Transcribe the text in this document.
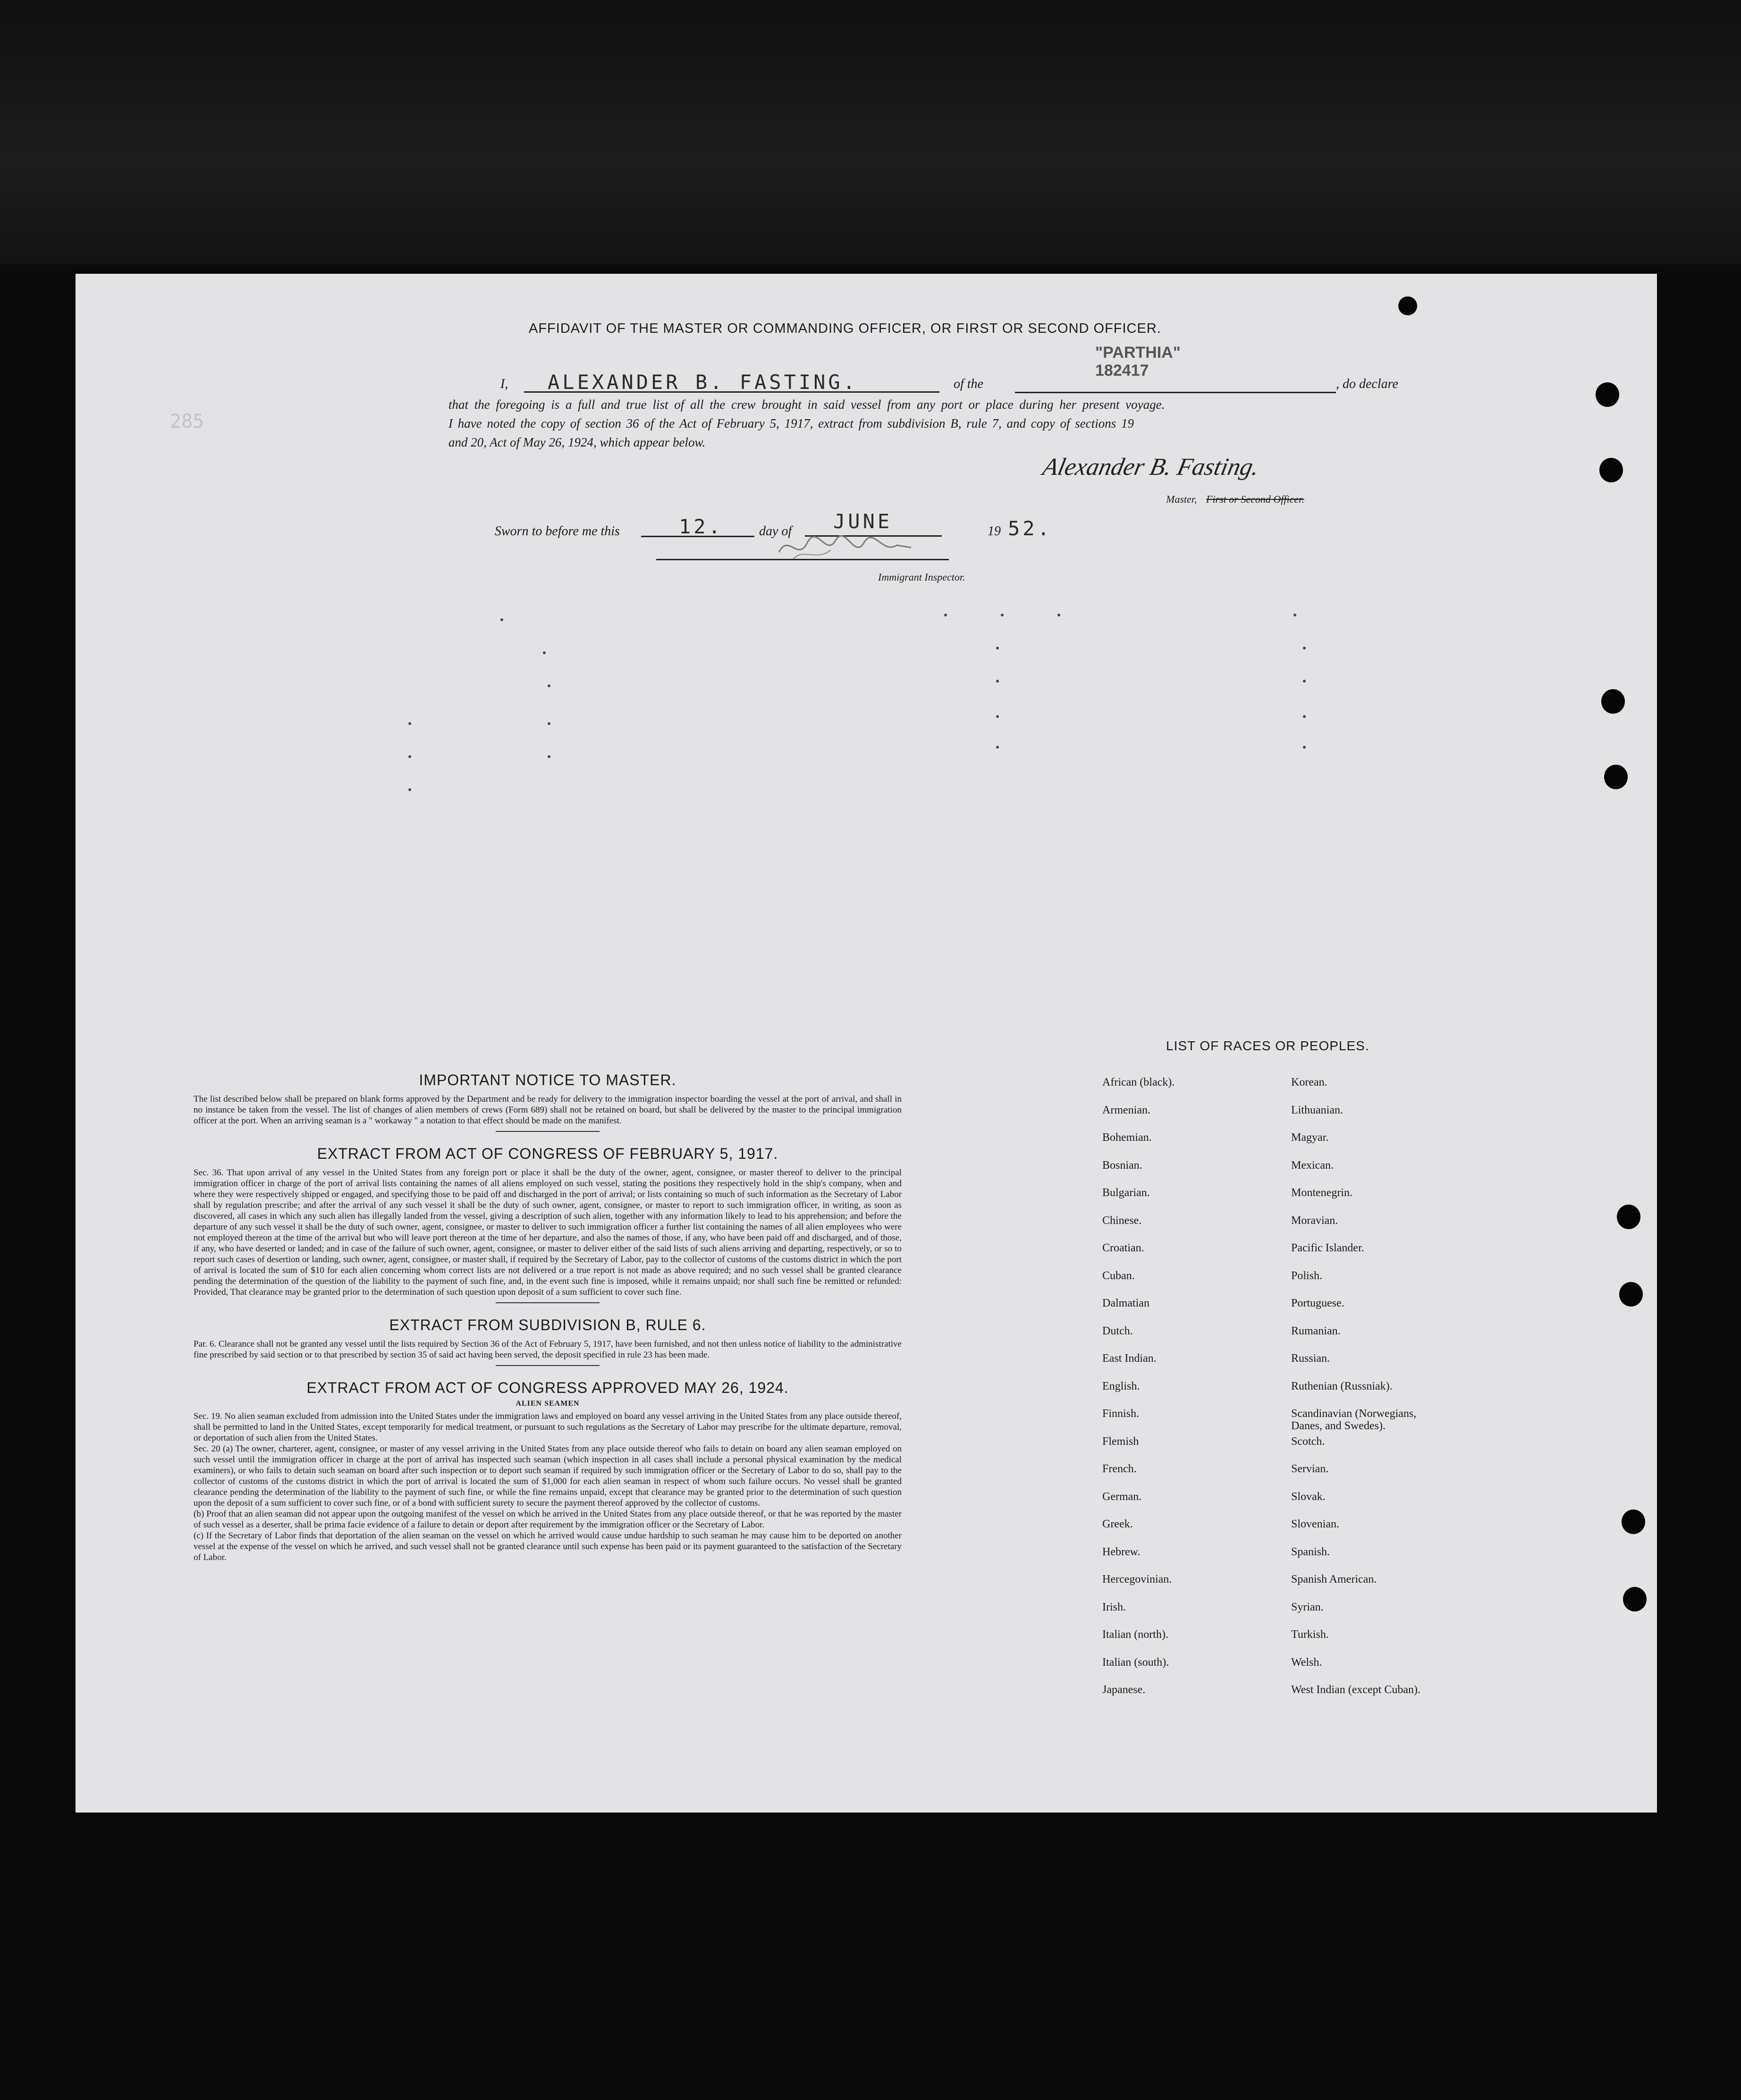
AFFIDAVIT OF THE MASTER OR COMMANDING OFFICER, OR FIRST OR SECOND OFFICER.
I, ALEXANDER B. FASTING.	of the
"PARTHIA"
182417
, do declare
that the foregoing is a full and true list of all the crew brought in said vessel from any port or place during her present voyage.
I have noted the copy of section 36 of the Act of February 5, 1917, extract from subdivision B, rule 7, and copy of sections 19
and 20, Act of May 26, 1924, which appear below.
Alexander B. Fasting.
Master, First or Second Officer.
Sworn to before me this	12.	day of JUNE	19 52.
Immigrant Inspector.
285
IMPORTANT NOTICE TO MASTER.
The list described below shall be prepared on blank forms approved by the Department and be ready for delivery to the immigration inspector boarding the vessel at the port of arrival, and shall in no instance be taken from the vessel. The list of changes of alien members of crews (Form 689) shall not be retained on board, but shall be delivered by the master to the principal immigration officer at the port. When an arriving seaman is a " workaway " a notation to that effect should be made on the manifest.
EXTRACT FROM ACT OF CONGRESS OF FEBRUARY 5, 1917.
Sec. 36. That upon arrival of any vessel in the United States from any foreign port or place it shall be the duty of the owner, agent, consignee, or master thereof to deliver to the principal immigration officer in charge of the port of arrival lists containing the names of all aliens employed on such vessel, stating the positions they respectively hold in the ship's company, when and where they were respectively shipped or engaged, and specifying those to be paid off and discharged in the port of arrival; or lists containing so much of such information as the Secretary of Labor shall by regulation prescribe; and after the arrival of any such vessel it shall be the duty of such owner, agent, consignee, or master to report to such immigration officer, in writing, as soon as discovered, all cases in which any such alien has illegally landed from the vessel, giving a description of such alien, together with any information likely to lead to his apprehension; and before the departure of any such vessel it shall be the duty of such owner, agent, consignee, or master to deliver to such immigration officer a further list containing the names of all alien employees who were not employed thereon at the time of the arrival but who will leave port thereon at the time of her departure, and also the names of those, if any, who have been paid off and discharged, and of those, if any, who have deserted or landed; and in case of the failure of such owner, agent, consignee, or master to deliver either of the said lists of such aliens arriving and departing, respectively, or so to report such cases of desertion or landing, such owner, agent, consignee, or master shall, if required by the Secretary of Labor, pay to the collector of customs of the customs district in which the port of arrival is located the sum of $10 for each alien concerning whom correct lists are not delivered or a true report is not made as above required; and no such vessel shall be granted clearance pending the determination of the question of the liability to the payment of such fine, and, in the event such fine is imposed, while it remains unpaid; nor shall such fine be remitted or refunded: Provided, That clearance may be granted prior to the determination of such question upon deposit of a sum sufficient to cover such fine.
EXTRACT FROM SUBDIVISION B, RULE 6.
Par. 6. Clearance shall not be granted any vessel until the lists required by Section 36 of the Act of February 5, 1917, have been furnished, and not then unless notice of liability to the administrative fine prescribed by said section or to that prescribed by section 35 of said act having been served, the deposit specified in rule 23 has been made.
EXTRACT FROM ACT OF CONGRESS APPROVED MAY 26, 1924.
ALIEN SEAMEN
Sec. 19. No alien seaman excluded from admission into the United States under the immigration laws and employed on board any vessel arriving in the United States from any place outside thereof, shall be permitted to land in the United States, except temporarily for medical treatment, or pursuant to such regulations as the Secretary of Labor may prescribe for the ultimate departure, removal, or deportation of such alien from the United States.
Sec. 20 (a) The owner, charterer, agent, consignee, or master of any vessel arriving in the United States from any place outside thereof who fails to detain on board any alien seaman employed on such vessel until the immigration officer in charge at the port of arrival has inspected such seaman (which inspection in all cases shall include a personal physical examination by the medical examiners), or who fails to detain such seaman on board after such inspection or to deport such seaman if required by such immigration officer or the Secretary of Labor to do so, shall pay to the collector of customs of the customs district in which the port of arrival is located the sum of $1,000 for each alien seaman in respect of whom such failure occurs. No vessel shall be granted clearance pending the determination of the liability to the payment of such fine, or while the fine remains unpaid, except that clearance may be granted prior to the determination of such question upon the deposit of a sum sufficient to cover such fine, or of a bond with sufficient surety to secure the payment thereof approved by the collector of customs.
(b) Proof that an alien seaman did not appear upon the outgoing manifest of the vessel on which he arrived in the United States from any place outside thereof, or that he was reported by the master of such vessel as a deserter, shall be prima facie evidence of a failure to detain or deport after requirement by the immigration officer or the Secretary of Labor.
(c) If the Secretary of Labor finds that deportation of the alien seaman on the vessel on which he arrived would cause undue hardship to such seaman he may cause him to be deported on another vessel at the expense of the vessel on which he arrived, and such vessel shall not be granted clearance until such expense has been paid or its payment guaranteed to the satisfaction of the Secretary of Labor.
LIST OF RACES OR PEOPLES.
African (black).
Armenian.
Bohemian.
Bosnian.
Bulgarian.
Chinese.
Croatian.
Cuban.
Dalmatian
Dutch.
East Indian.
English.
Finnish.
Flemish
French.
German.
Greek.
Hebrew.
Hercegovinian.
Irish.
Italian (north).
Italian (south).
Japanese.
Korean.
Lithuanian.
Magyar.
Mexican.
Montenegrin.
Moravian.
Pacific Islander.
Polish.
Portuguese.
Rumanian.
Russian.
Ruthenian (Russniak).
Scandinavian (Norwegians, Danes, and Swedes).
Scotch.
Servian.
Slovak.
Slovenian.
Spanish.
Spanish American.
Syrian.
Turkish.
Welsh.
West Indian (except Cuban).
